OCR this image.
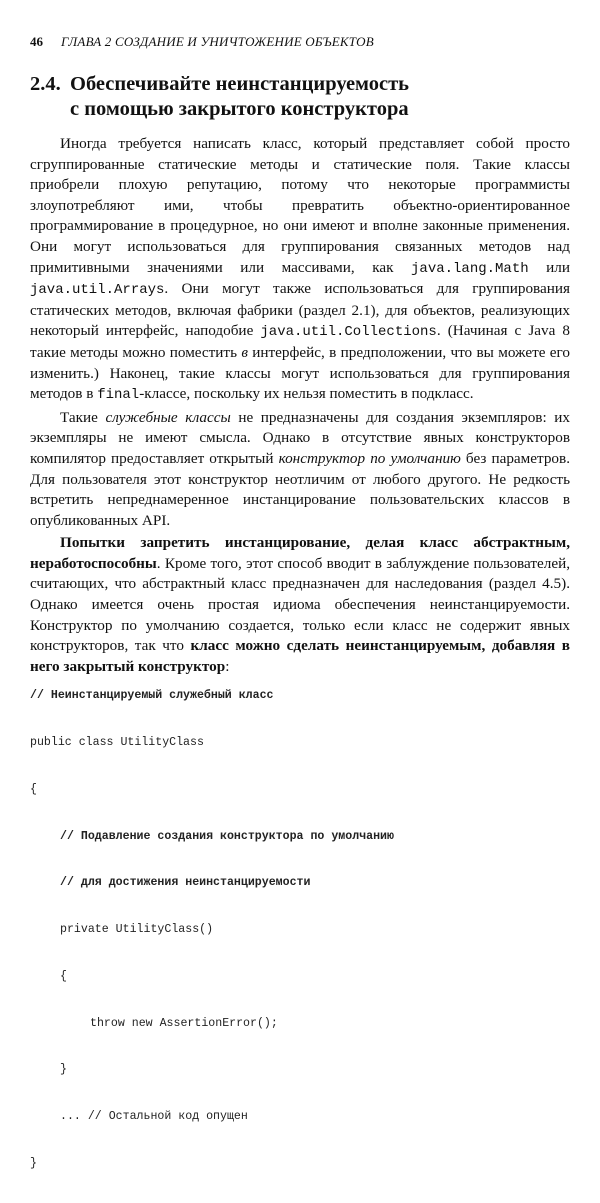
46 ГЛАВА 2 СОЗДАНИЕ И УНИЧТОЖЕНИЕ ОБЪЕКТОВ
2.4. Обеспечивайте неинстанцируемость
с помощью закрытого конструктора

Иногда требуется написать класс, который представляет собой просто сгруппированные статические методы и статические поля. Такие классы приобрели плохую репутацию, потому что некоторые программисты злоупотребляют ими, чтобы превратить объектно-ориентированное программирование в процедурное, но они имеют и вполне законные применения. Они могут использоваться для группирования связанных методов над примитивными значениями или массивами, как java.lang.Math или java.util.Arrays. Они могут также использоваться для группирования статических методов, включая фабрики (раздел 2.1), для объектов, реализующих некоторый интерфейс, наподобие java.util.Collections. (Начиная с Java 8 такие методы можно поместить в интерфейс, в предположении, что вы можете его изменить.) Наконец, такие классы могут использоваться для группирования методов в final-классе, поскольку их нельзя поместить в подкласс.

Такие служебные классы не предназначены для создания экземпляров: их экземпляры не имеют смысла. Однако в отсутствие явных конструкторов компилятор предоставляет открытый конструктор по умолчанию без параметров. Для пользователя этот конструктор неотличим от любого другого. Не редкость встретить непреднамеренное инстанцирование пользовательских классов в опубликованных API.

Попытки запретить инстанцирование, делая класс абстрактным, неработоспособны. Кроме того, этот способ вводит в заблуждение пользователей, считающих, что абстрактный класс предназначен для наследования (раздел 4.5). Однако имеется очень простая идиома обеспечения неинстанцируемости. Конструктор по умолчанию создается, только если класс не содержит явных конструкторов, так что класс можно сделать неинстанцируемым, добавляя в него закрытый конструктор:

// Неинстанцируемый служебный класс

public class UtilityClass

{

// Подавление создания конструктора по умолчанию

// для достижения неинстанцируемости

private UtilityClass()

{

throw new AssertionError();

}

... // Остальной код опущен

}
